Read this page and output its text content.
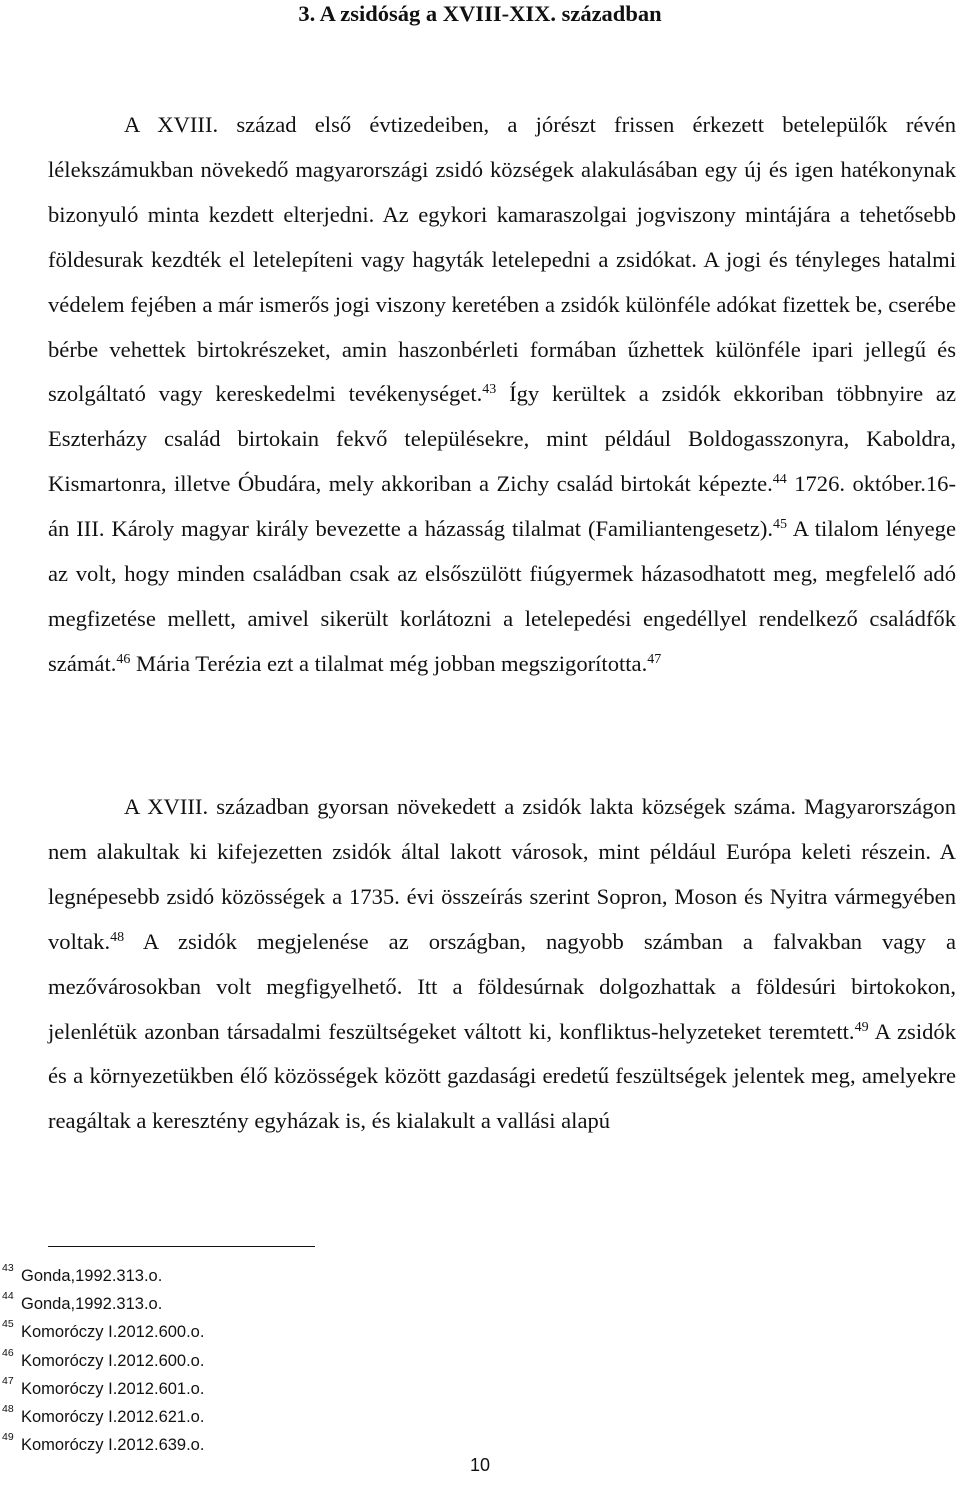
3. A zsidóság a XVIII-XIX. században

A XVIII. század első évtizedeiben, a jórészt frissen érkezett betelepülők révén lélekszámukban növekedő magyarországi zsidó községek alakulásában egy új és igen hatékonynak bizonyuló minta kezdett elterjedni. Az egykori kamaraszolgai jogviszony mintájára a tehetősebb földesurak kezdték el letelepíteni vagy hagyták letelepedni a zsidókat. A jogi és tényleges hatalmi védelem fejében a már ismerős jogi viszony keretében a zsidók különféle adókat fizettek be, cserébe bérbe vehettek birtokrészeket, amin haszonbérleti formában űzhettek különféle ipari jellegű és szolgáltató vagy kereskedelmi tevékenységet.$^{43}$ Így kerültek a zsidók ekkoriban többnyire az Eszterházy család birtokain fekvő településekre, mint például Boldogasszonyra, Kaboldra, Kismartonra, illetve Óbudára, mely akkoriban a Zichy család birtokát képezte.$^{44}$ 1726. október.16-án III. Károly magyar király bevezette a házasság tilalmat (Familiantengesetz).$^{45}$ A tilalom lényege az volt, hogy minden családban csak az elsőszülött fiúgyermek házasodhatott meg, megfelelő adó megfizetése mellett, amivel sikerült korlátozni a letelepedési engedéllyel rendelkező családfők számát.$^{46}$ Mária Terézia ezt a tilalmat még jobban megszigorította.$^{47}$

A XVIII. században gyorsan növekedett a zsidók lakta községek száma. Magyarországon nem alakultak ki kifejezetten zsidók által lakott városok, mint például Európa keleti részein. A legnépesebb zsidó közösségek a 1735. évi összeírás szerint Sopron, Moson és Nyitra vármegyében voltak.$^{48}$ A zsidók megjelenése az országban, nagyobb számban a falvakban vagy a mezővárosokban volt megfigyelhető. Itt a földesúrnak dolgozhattak a földesúri birtokokon, jelenlétük azonban társadalmi feszültségeket váltott ki, konfliktus-helyzeteket teremtett.$^{49}$ A zsidók és a környezetükben élő közösségek között gazdasági eredetű feszültségek jelentek meg, amelyekre reagáltak a keresztény egyházak is, és kialakult a vallási alapú

43 Gonda,1992.313.o.
44 Gonda,1992.313.o.
45 Komoróczy I.2012.600.o.
46 Komoróczy I.2012.600.o.
47 Komoróczy I.2012.601.o.
48 Komoróczy I.2012.621.o.
49 Komoróczy I.2012.639.o.
10
